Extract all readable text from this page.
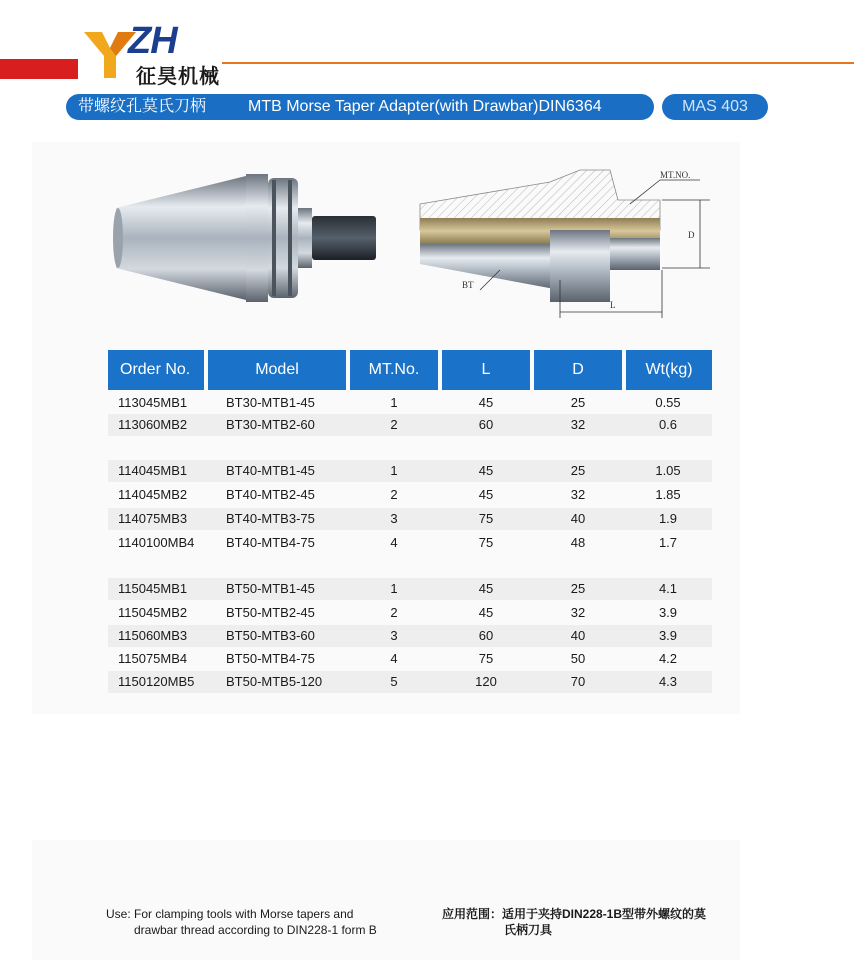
ZH
征昊机械
带螺纹孔莫氏刀柄	MTB Morse Taper Adapter(with Drawbar)DIN6364	MAS 403
MT.NO.
D
BT
L
Order No.	Model	MT.No.	L	D	Wt(kg)
113045MB1	BT30-MTB1-45	1	45	25	0.55
113060MB2	BT30-MTB2-60	2	60	32	0.6
114045MB1	BT40-MTB1-45	1	45	25	1.05
114045MB2	BT40-MTB2-45	2	45	32	1.85
114075MB3	BT40-MTB3-75	3	75	40	1.9
1140100MB4	BT40-MTB4-75	4	75	48	1.7
115045MB1	BT50-MTB1-45	1	45	25	4.1
115045MB2	BT50-MTB2-45	2	45	32	3.9
115060MB3	BT50-MTB3-60	3	60	40	3.9
115075MB4	BT50-MTB4-75	4	75	50	4.2
1150120MB5	BT50-MTB5-120	5	120	70	4.3
Use: For clamping tools with Morse tapers and
drawbar thread according to DIN228-1 form B
应用范围：适用于夹持DIN228-1B型带外螺纹的莫
氏柄刀具
